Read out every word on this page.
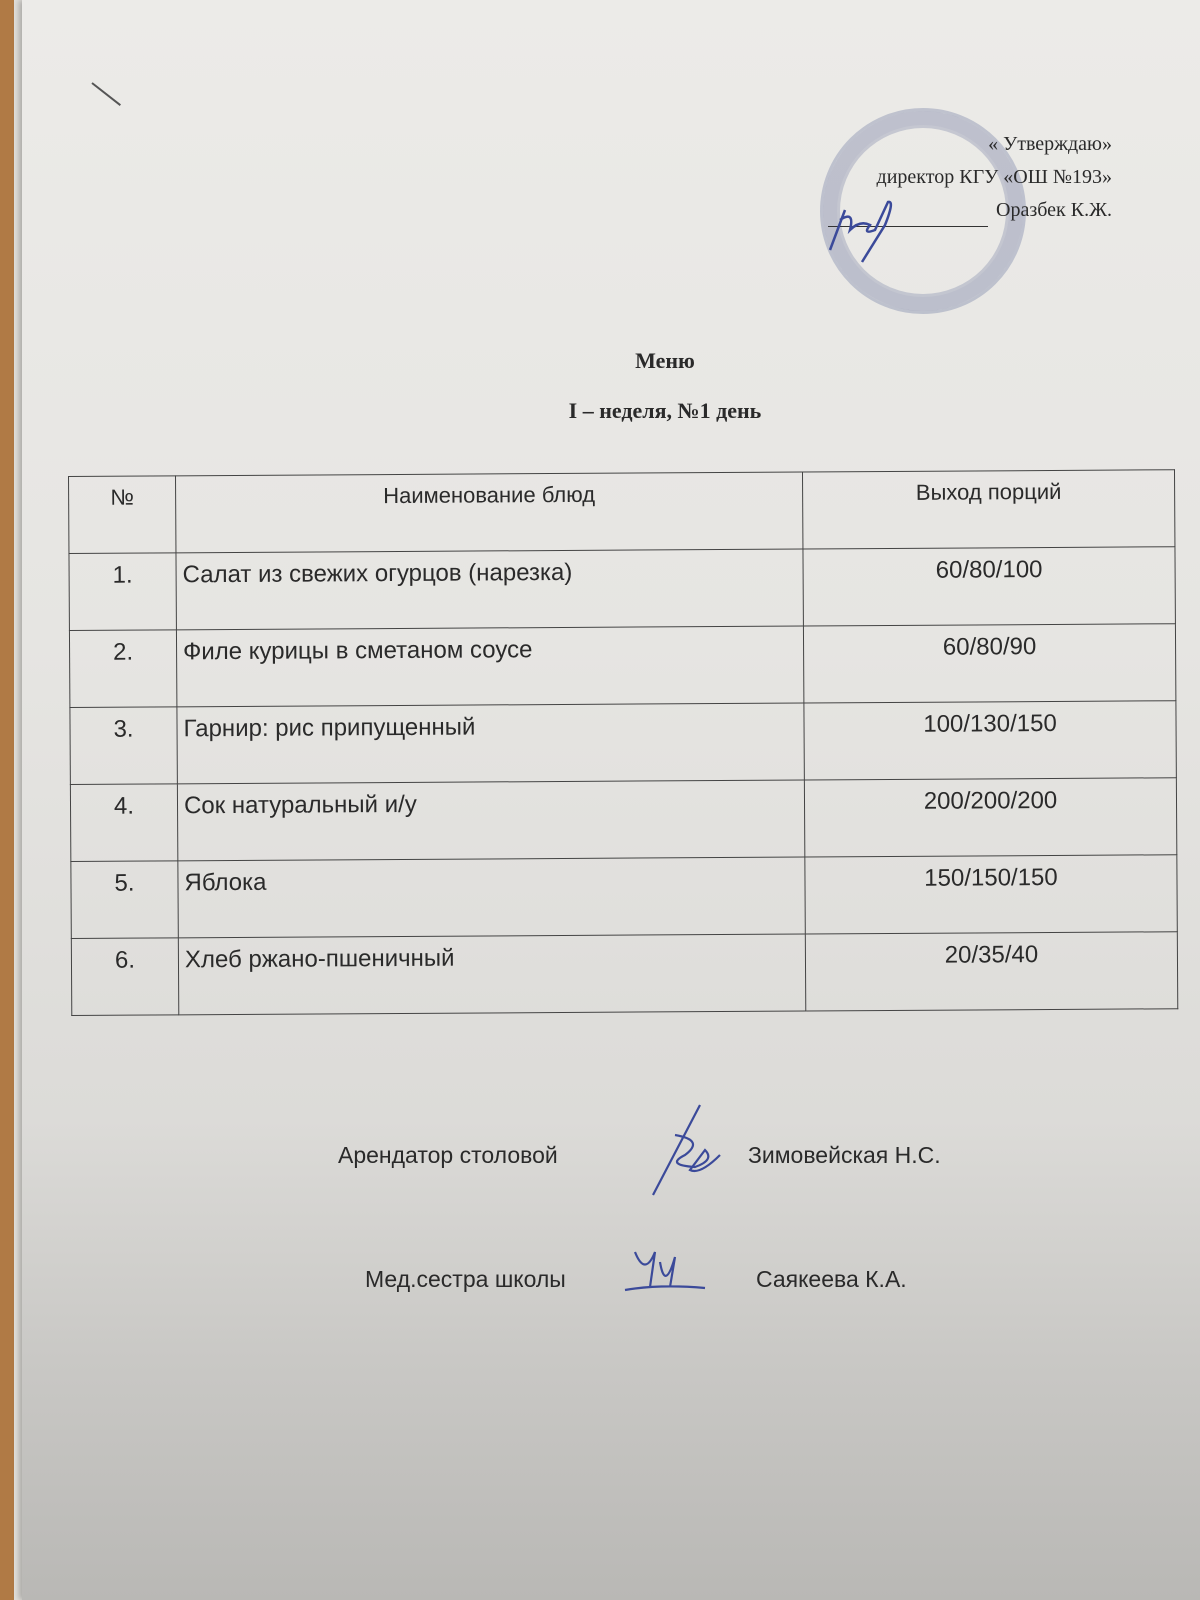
« Утверждаю»
директор КГУ «ОШ №193»
Оразбек К.Ж.
Меню
I – неделя, №1 день
№	Наименование блюд	Выход порций
1.	Салат из свежих огурцов (нарезка)	60/80/100
2.	Филе курицы в сметаном соусе	60/80/90
3.	Гарнир: рис припущенный	100/130/150
4.	Сок натуральный и/у	200/200/200
5.	Яблока	150/150/150
6.	Хлеб ржано-пшеничный	20/35/40
Арендатор столовой	Зимовейская Н.С.
Мед.сестра школы	Саякеева К.А.
